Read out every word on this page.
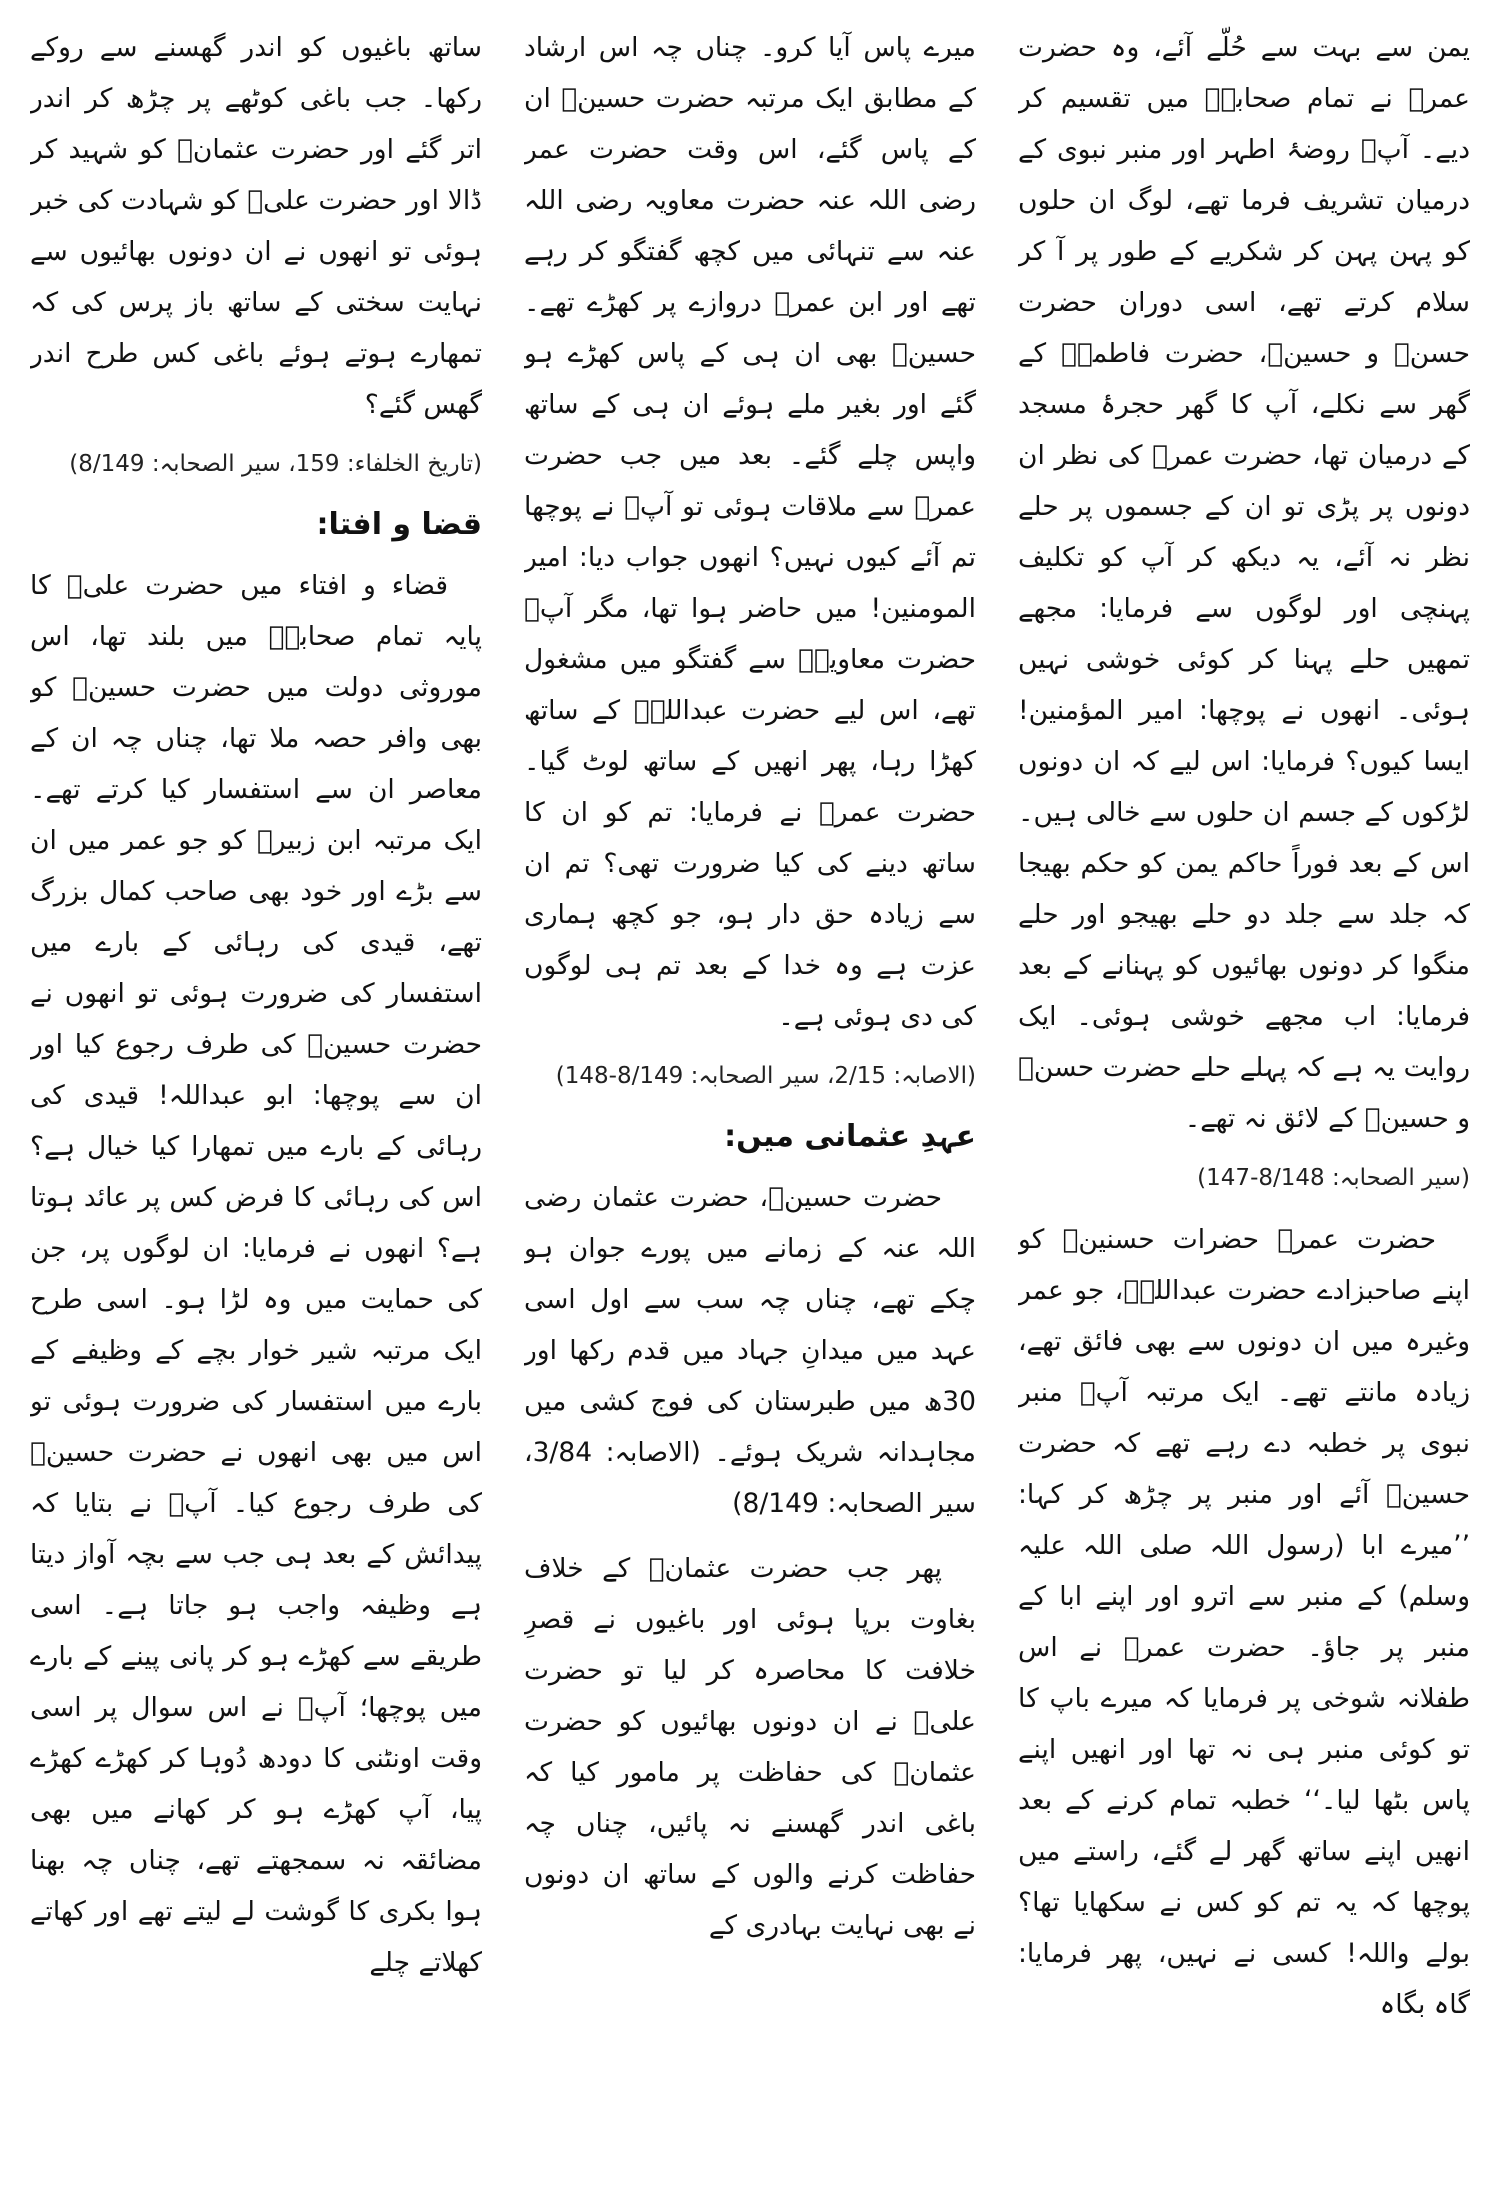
یمن سے بہت سے حُلّے آئے، وہ حضرت عمرؓ نے تمام صحابہؓ میں تقسیم کر دیے۔ آپؓ روضۂ اطہر اور منبر نبوی کے درمیان تشریف فرما تھے، لوگ ان حلوں کو پہن پہن کر شکریے کے طور پر آ کر سلام کرتے تھے، اسی دوران حضرت حسنؓ و حسینؓ، حضرت فاطمہؓ کے گھر سے نکلے، آپ کا گھر حجرۂ مسجد کے درمیان تھا، حضرت عمرؓ کی نظر ان دونوں پر پڑی تو ان کے جسموں پر حلے نظر نہ آئے، یہ دیکھ کر آپ کو تکلیف پہنچی اور لوگوں سے فرمایا: مجھے تمھیں حلے پہنا کر کوئی خوشی نہیں ہوئی۔ انھوں نے پوچھا: امیر المؤمنین! ایسا کیوں؟ فرمایا: اس لیے کہ ان دونوں لڑکوں کے جسم ان حلوں سے خالی ہیں۔ اس کے بعد فوراً حاکم یمن کو حکم بھیجا کہ جلد سے جلد دو حلے بھیجو اور حلے منگوا کر دونوں بھائیوں کو پہنانے کے بعد فرمایا: اب مجھے خوشی ہوئی۔ ایک روایت یہ ہے کہ پہلے حلے حضرت حسنؓ و حسینؓ کے لائق نہ تھے۔

(سیر الصحابہ: 8/148-147)

حضرت عمرؓ حضرات حسنینؓ کو اپنے صاحبزادے حضرت عبداللہؓ، جو عمر وغیرہ میں ان دونوں سے بھی فائق تھے، زیادہ مانتے تھے۔ ایک مرتبہ آپؓ منبر نبوی پر خطبہ دے رہے تھے کہ حضرت حسینؓ آئے اور منبر پر چڑھ کر کہا: ’’میرے ابا (رسول اللہ صلی اللہ علیہ وسلم) کے منبر سے اترو اور اپنے ابا کے منبر پر جاؤ۔ حضرت عمرؓ نے اس طفلانہ شوخی پر فرمایا کہ میرے باپ کا تو کوئی منبر ہی نہ تھا اور انھیں اپنے پاس بٹھا لیا۔‘‘ خطبہ تمام کرنے کے بعد انھیں اپنے ساتھ گھر لے گئے، راستے میں پوچھا کہ یہ تم کو کس نے سکھایا تھا؟ بولے واللہ! کسی نے نہیں، پھر فرمایا: گاہ بگاہ

میرے پاس آیا کرو۔ چناں چہ اس ارشاد کے مطابق ایک مرتبہ حضرت حسینؓ ان کے پاس گئے، اس وقت حضرت عمر رضی اللہ عنہ حضرت معاویہ رضی اللہ عنہ سے تنہائی میں کچھ گفتگو کر رہے تھے اور ابن عمرؓ دروازے پر کھڑے تھے۔ حسینؓ بھی ان ہی کے پاس کھڑے ہو گئے اور بغیر ملے ہوئے ان ہی کے ساتھ واپس چلے گئے۔ بعد میں جب حضرت عمرؓ سے ملاقات ہوئی تو آپؓ نے پوچھا تم آئے کیوں نہیں؟ انھوں جواب دیا: امیر المومنین! میں حاضر ہوا تھا، مگر آپؓ حضرت معاویہؓ سے گفتگو میں مشغول تھے، اس لیے حضرت عبداللہؓ کے ساتھ کھڑا رہا، پھر انھیں کے ساتھ لوٹ گیا۔ حضرت عمرؓ نے فرمایا: تم کو ان کا ساتھ دینے کی کیا ضرورت تھی؟ تم ان سے زیادہ حق دار ہو، جو کچھ ہماری عزت ہے وہ خدا کے بعد تم ہی لوگوں کی دی ہوئی ہے۔

(الاصابہ: 2/15، سیر الصحابہ: 8/149-148)

عہدِ عثمانی میں:

حضرت حسینؓ، حضرت عثمان رضی اللہ عنہ کے زمانے میں پورے جوان ہو چکے تھے، چناں چہ سب سے اول اسی عہد میں میدانِ جہاد میں قدم رکھا اور 30ھ میں طبرستان کی فوج کشی میں مجاہدانہ شریک ہوئے۔ (الاصابہ: 3/84، سیر الصحابہ: 8/149)

پھر جب حضرت عثمانؓ کے خلاف بغاوت برپا ہوئی اور باغیوں نے قصرِ خلافت کا محاصرہ کر لیا تو حضرت علیؓ نے ان دونوں بھائیوں کو حضرت عثمانؓ کی حفاظت پر مامور کیا کہ باغی اندر گھسنے نہ پائیں، چناں چہ حفاظت کرنے والوں کے ساتھ ان دونوں نے بھی نہایت بہادری کے

ساتھ باغیوں کو اندر گھسنے سے روکے رکھا۔ جب باغی کوٹھے پر چڑھ کر اندر اتر گئے اور حضرت عثمانؓ کو شہید کر ڈالا اور حضرت علیؓ کو شہادت کی خبر ہوئی تو انھوں نے ان دونوں بھائیوں سے نہایت سختی کے ساتھ باز پرس کی کہ تمھارے ہوتے ہوئے باغی کس طرح اندر گھس گئے؟

(تاریخ الخلفاء: 159، سیر الصحابہ: 8/149)

قضا و افتا:

قضاء و افتاء میں حضرت علیؓ کا پایہ تمام صحابہؓ میں بلند تھا، اس موروثی دولت میں حضرت حسینؓ کو بھی وافر حصہ ملا تھا، چناں چہ ان کے معاصر ان سے استفسار کیا کرتے تھے۔ ایک مرتبہ ابن زبیرؓ کو جو عمر میں ان سے بڑے اور خود بھی صاحب کمال بزرگ تھے، قیدی کی رہائی کے بارے میں استفسار کی ضرورت ہوئی تو انھوں نے حضرت حسینؓ کی طرف رجوع کیا اور ان سے پوچھا: ابو عبداللہ! قیدی کی رہائی کے بارے میں تمھارا کیا خیال ہے؟ اس کی رہائی کا فرض کس پر عائد ہوتا ہے؟ انھوں نے فرمایا: ان لوگوں پر، جن کی حمایت میں وہ لڑا ہو۔ اسی طرح ایک مرتبہ شیر خوار بچے کے وظیفے کے بارے میں استفسار کی ضرورت ہوئی تو اس میں بھی انھوں نے حضرت حسینؓ کی طرف رجوع کیا۔ آپؓ نے بتایا کہ پیدائش کے بعد ہی جب سے بچہ آواز دیتا ہے وظیفہ واجب ہو جاتا ہے۔ اسی طریقے سے کھڑے ہو کر پانی پینے کے بارے میں پوچھا؛ آپؓ نے اس سوال پر اسی وقت اونٹنی کا دودھ دُوہا کر کھڑے کھڑے پیا، آپ کھڑے ہو کر کھانے میں بھی مضائقہ نہ سمجھتے تھے، چناں چہ بھنا ہوا بکری کا گوشت لے لیتے تھے اور کھاتے کھلاتے چلے
